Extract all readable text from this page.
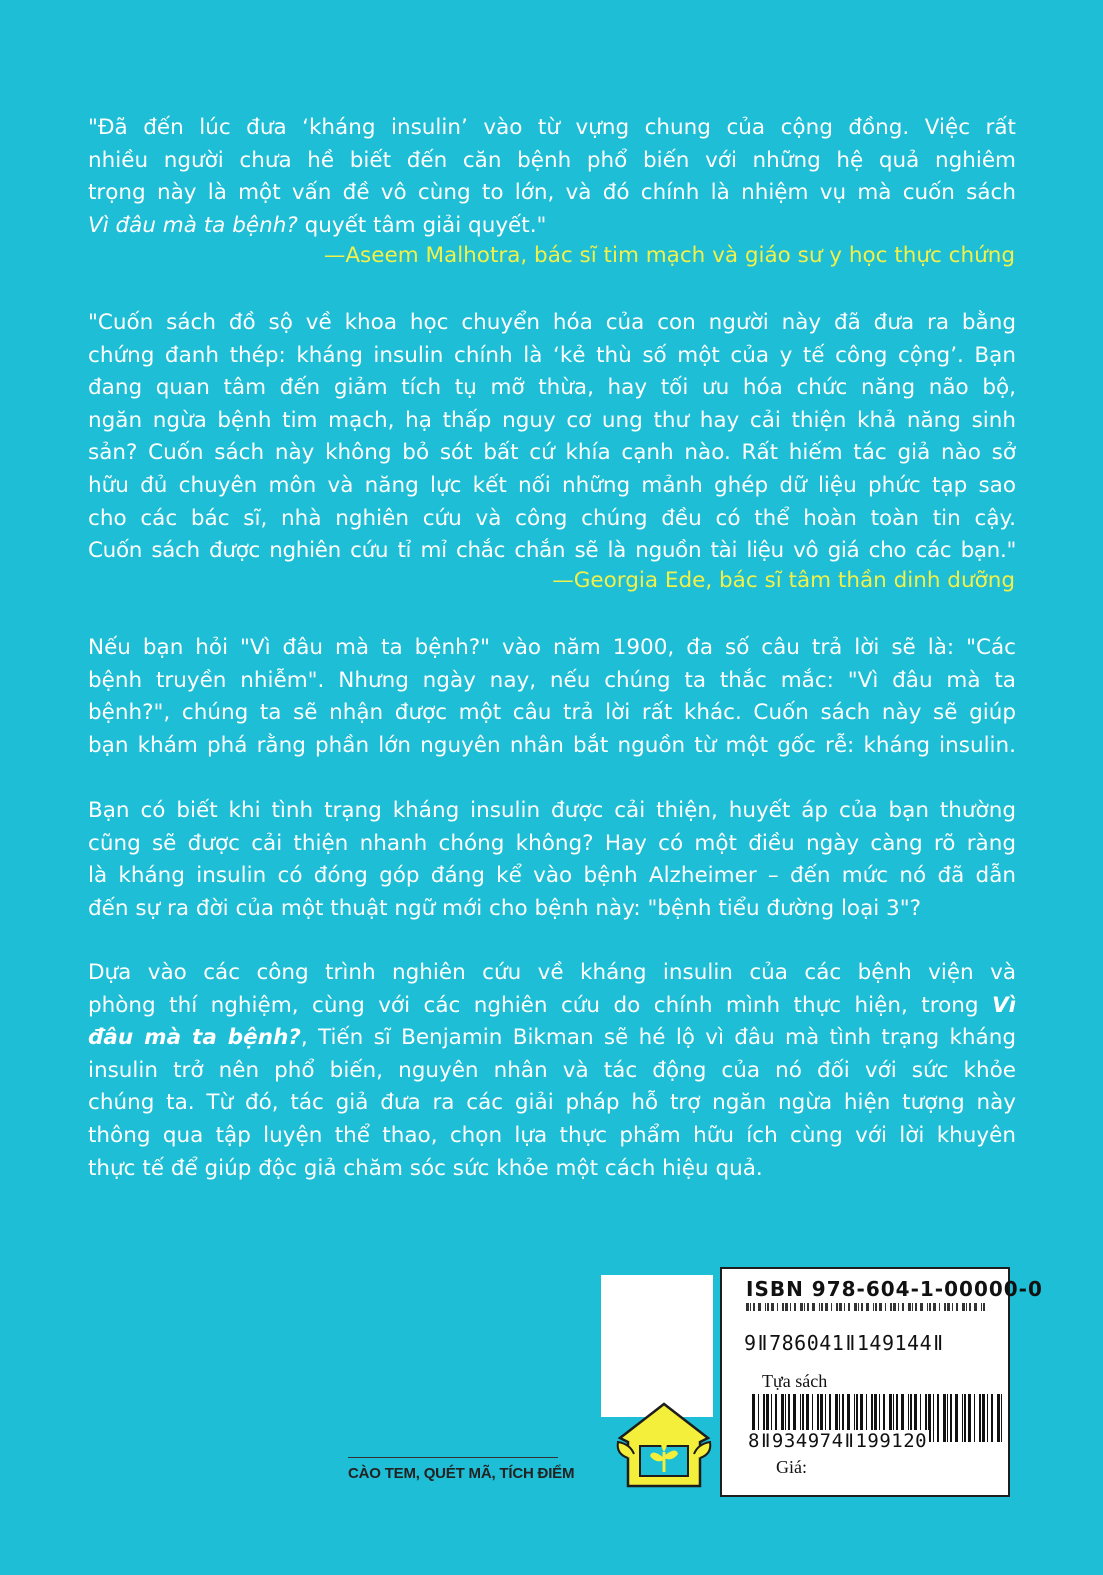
"Đã đến lúc đưa ‘kháng insulin’ vào từ vựng chung của cộng đồng. Việc rất
nhiều người chưa hề biết đến căn bệnh phổ biến với những hệ quả nghiêm
trọng này là một vấn đề vô cùng to lớn, và đó chính là nhiệm vụ mà cuốn sách
Vì đâu mà ta bệnh? quyết tâm giải quyết."
—Aseem Malhotra, bác sĩ tim mạch và giáo sư y học thực chứng
"Cuốn sách đồ sộ về khoa học chuyển hóa của con người này đã đưa ra bằng
chứng đanh thép: kháng insulin chính là ‘kẻ thù số một của y tế công cộng’. Bạn
đang quan tâm đến giảm tích tụ mỡ thừa, hay tối ưu hóa chức năng não bộ,
ngăn ngừa bệnh tim mạch, hạ thấp nguy cơ ung thư hay cải thiện khả năng sinh
sản? Cuốn sách này không bỏ sót bất cứ khía cạnh nào. Rất hiếm tác giả nào sở
hữu đủ chuyên môn và năng lực kết nối những mảnh ghép dữ liệu phức tạp sao
cho các bác sĩ, nhà nghiên cứu và công chúng đều có thể hoàn toàn tin cậy.
Cuốn sách được nghiên cứu tỉ mỉ chắc chắn sẽ là nguồn tài liệu vô giá cho các bạn."
—Georgia Ede, bác sĩ tâm thần dinh dưỡng
Nếu bạn hỏi "Vì đâu mà ta bệnh?" vào năm 1900, đa số câu trả lời sẽ là: "Các
bệnh truyền nhiễm". Nhưng ngày nay, nếu chúng ta thắc mắc: "Vì đâu mà ta
bệnh?", chúng ta sẽ nhận được một câu trả lời rất khác. Cuốn sách này sẽ giúp
bạn khám phá rằng phần lớn nguyên nhân bắt nguồn từ một gốc rễ: kháng insulin.
Bạn có biết khi tình trạng kháng insulin được cải thiện, huyết áp của bạn thường
cũng sẽ được cải thiện nhanh chóng không? Hay có một điều ngày càng rõ ràng
là kháng insulin có đóng góp đáng kể vào bệnh Alzheimer – đến mức nó đã dẫn
đến sự ra đời của một thuật ngữ mới cho bệnh này: "bệnh tiểu đường loại 3"?
Dựa vào các công trình nghiên cứu về kháng insulin của các bệnh viện và
phòng thí nghiệm, cùng với các nghiên cứu do chính mình thực hiện, trong Vì
đâu mà ta bệnh?, Tiến sĩ Benjamin Bikman sẽ hé lộ vì đâu mà tình trạng kháng
insulin trở nên phổ biến, nguyên nhân và tác động của nó đối với sức khỏe
chúng ta. Từ đó, tác giả đưa ra các giải pháp hỗ trợ ngăn ngừa hiện tượng này
thông qua tập luyện thể thao, chọn lựa thực phẩm hữu ích cùng với lời khuyên
thực tế để giúp độc giả chăm sóc sức khỏe một cách hiệu quả.
CÀO TEM, QUÉT MÃ, TÍCH ĐIỂM
ISBN 978-604-1-00000-0
9ǁ786041ǁ149144ǁ
Tựa sách
8ǁ934974ǁ199120
Giá:
